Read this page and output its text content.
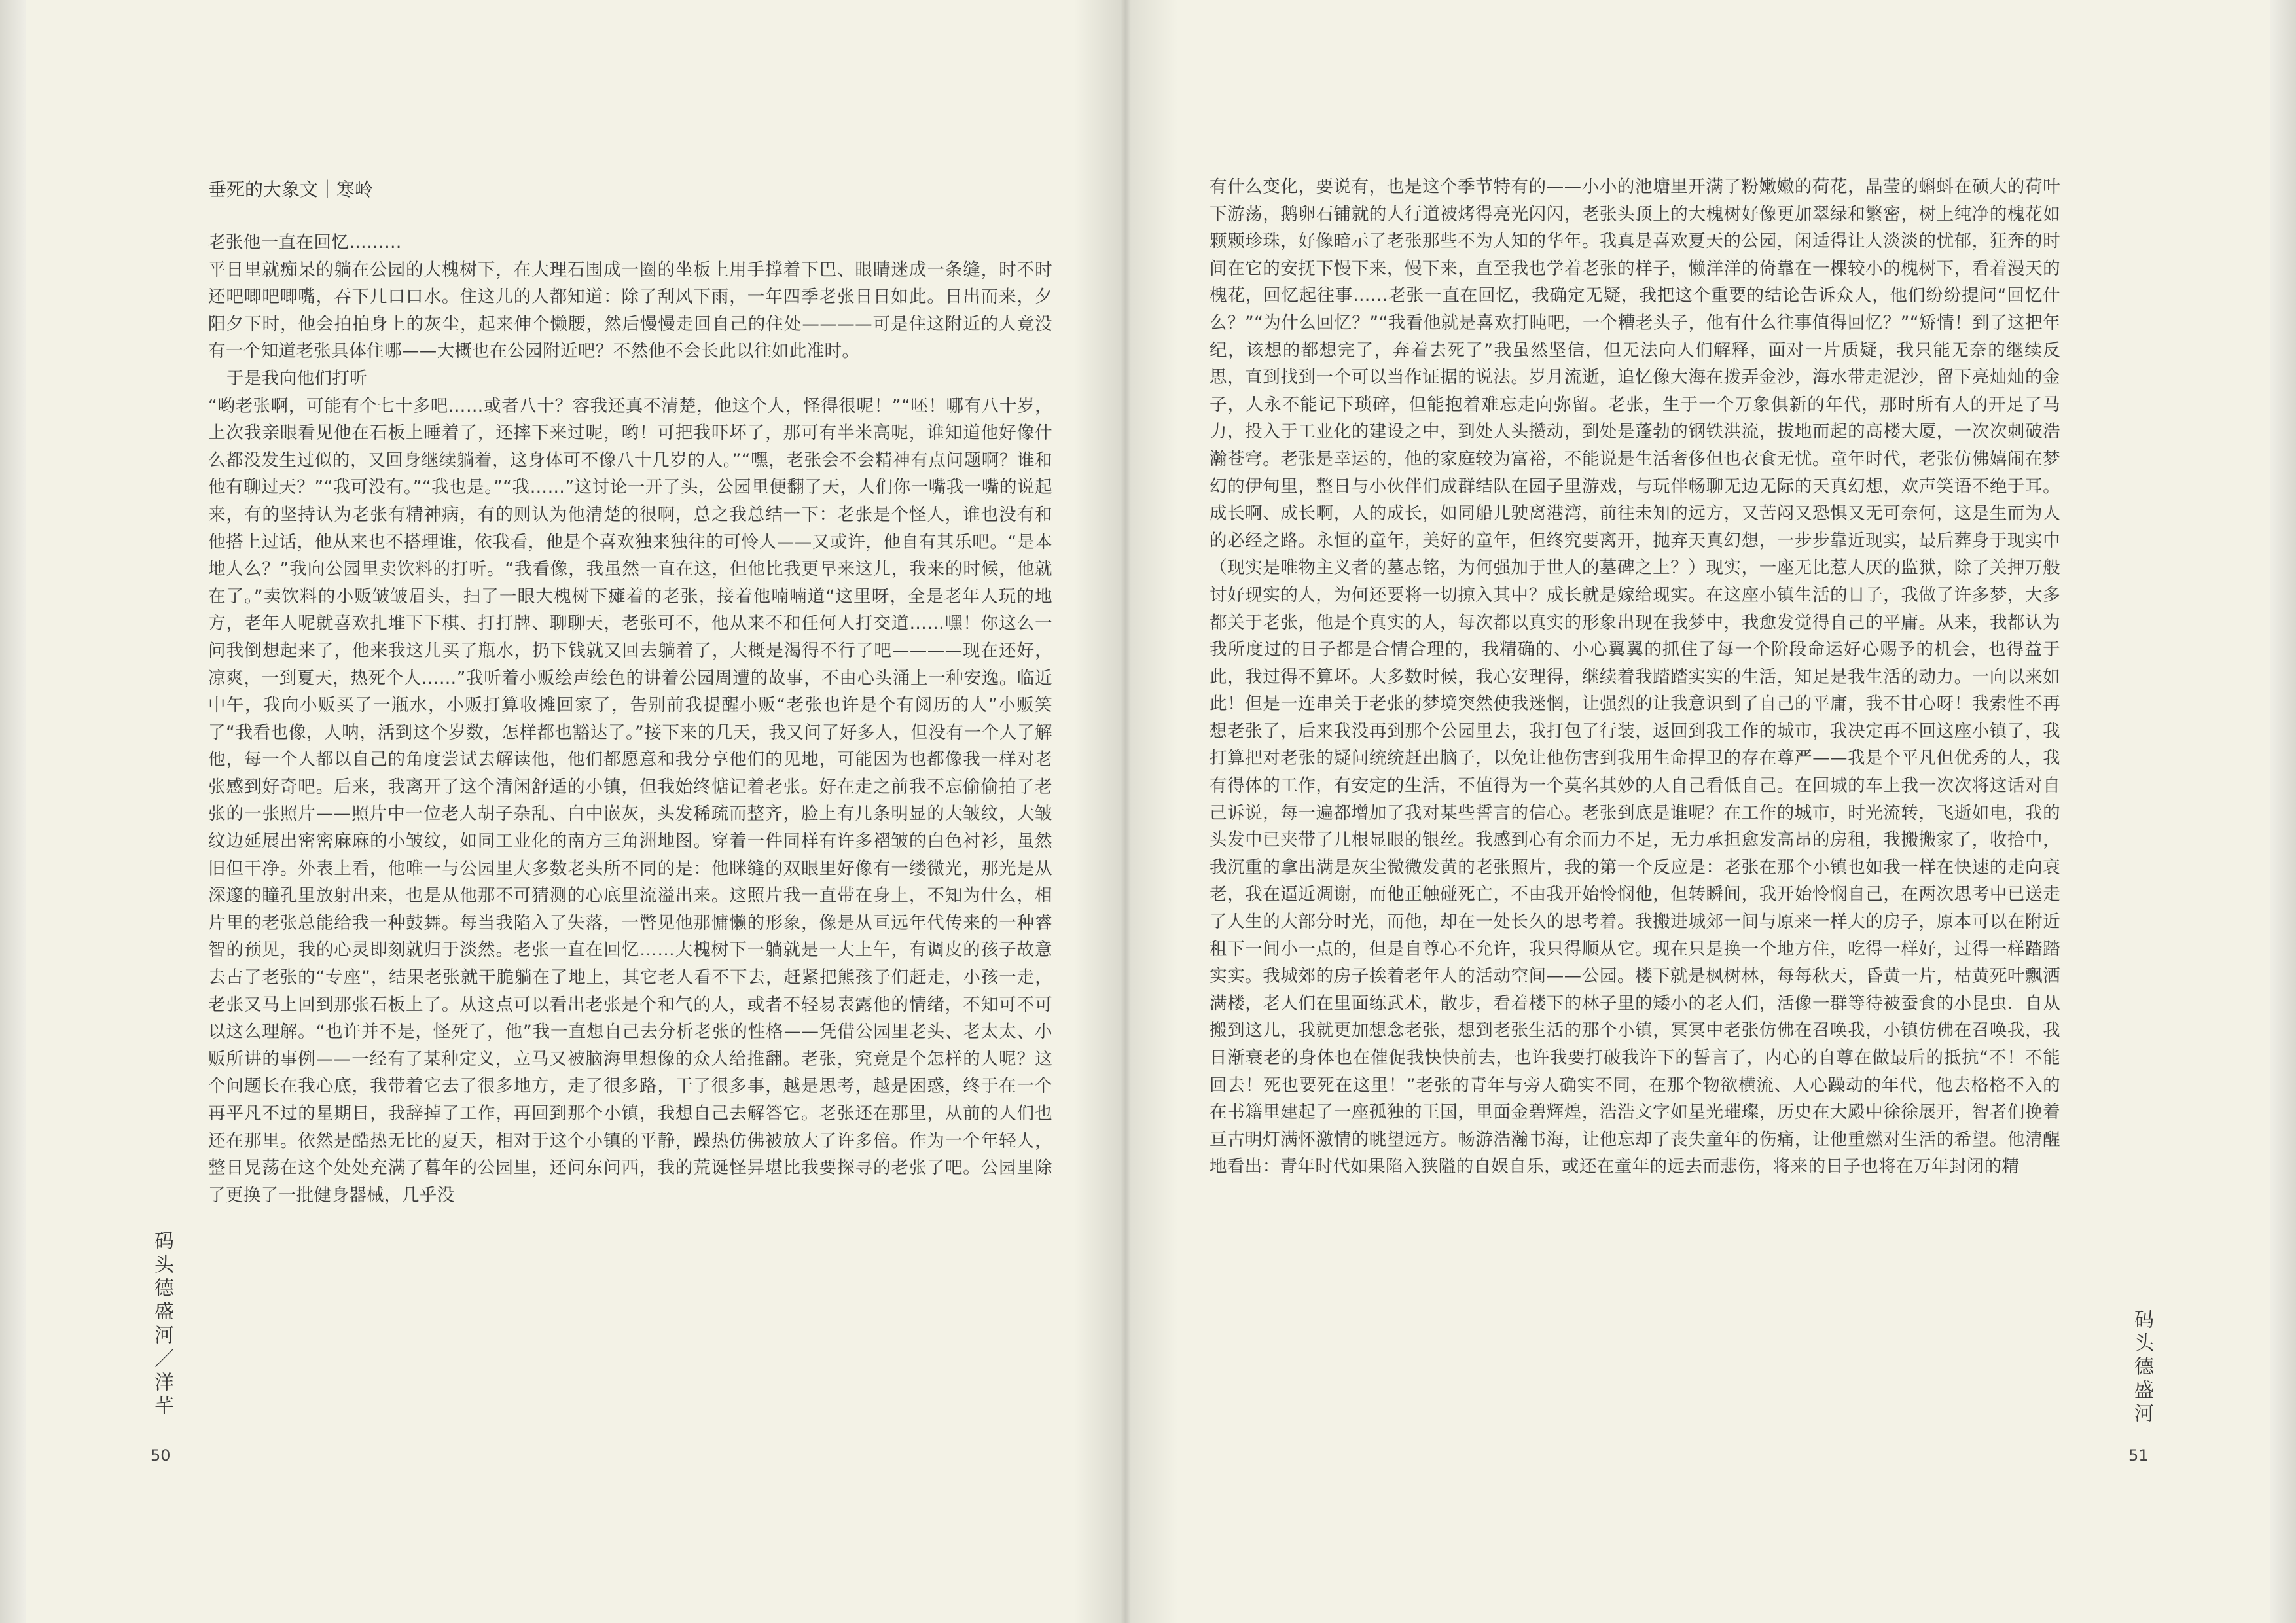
垂死的大象文｜寒岭

老张他一直在回忆………

平日里就痴呆的躺在公园的大槐树下，在大理石围成一圈的坐板上用手撑着下巴、眼睛迷成一条缝，时不时还吧唧吧唧嘴，吞下几口口水。住这儿的人都知道：除了刮风下雨，一年四季老张日日如此。日出而来，夕阳夕下时，他会拍拍身上的灰尘，起来伸个懒腰，然后慢慢走回自己的住处————可是住这附近的人竟没有一个知道老张具体住哪——大概也在公园附近吧？不然他不会长此以往如此准时。

于是我向他们打听

“哟老张啊，可能有个七十多吧……或者八十？容我还真不清楚，他这个人，怪得很呢！”“呸！哪有八十岁，上次我亲眼看见他在石板上睡着了，还摔下来过呢，哟！可把我吓坏了，那可有半米高呢，谁知道他好像什么都没发生过似的，又回身继续躺着，这身体可不像八十几岁的人。”“嘿，老张会不会精神有点问题啊？谁和他有聊过天？”“我可没有。”“我也是。”“我……”这讨论一开了头，公园里便翻了天，人们你一嘴我一嘴的说起来，有的坚持认为老张有精神病，有的则认为他清楚的很啊，总之我总结一下：老张是个怪人，谁也没有和他搭上过话，他从来也不搭理谁，依我看，他是个喜欢独来独往的可怜人——又或许，他自有其乐吧。“是本地人么？”我向公园里卖饮料的打听。“我看像，我虽然一直在这，但他比我更早来这儿，我来的时候，他就在了。”卖饮料的小贩皱皱眉头，扫了一眼大槐树下瘫着的老张，接着他喃喃道“这里呀，全是老年人玩的地方，老年人呢就喜欢扎堆下下棋、打打牌、聊聊天，老张可不，他从来不和任何人打交道……嘿！你这么一问我倒想起来了，他来我这儿买了瓶水，扔下钱就又回去躺着了，大概是渴得不行了吧————现在还好，凉爽，一到夏天，热死个人……”我听着小贩绘声绘色的讲着公园周遭的故事，不由心头涌上一种安逸。临近中午，我向小贩买了一瓶水，小贩打算收摊回家了，告别前我提醒小贩“老张也许是个有阅历的人”小贩笑了“我看也像，人呐，活到这个岁数，怎样都也豁达了。”接下来的几天，我又问了好多人，但没有一个人了解他，每一个人都以自己的角度尝试去解读他，他们都愿意和我分享他们的见地，可能因为也都像我一样对老张感到好奇吧。后来，我离开了这个清闲舒适的小镇，但我始终惦记着老张。好在走之前我不忘偷偷拍了老张的一张照片——照片中一位老人胡子杂乱、白中嵌灰，头发稀疏而整齐，脸上有几条明显的大皱纹，大皱纹边延展出密密麻麻的小皱纹，如同工业化的南方三角洲地图。穿着一件同样有许多褶皱的白色衬衫，虽然旧但干净。外表上看，他唯一与公园里大多数老头所不同的是：他眯缝的双眼里好像有一缕微光，那光是从深邃的瞳孔里放射出来，也是从他那不可猜测的心底里流溢出来。这照片我一直带在身上，不知为什么，相片里的老张总能给我一种鼓舞。每当我陷入了失落，一瞥见他那慵懒的形象，像是从亘远年代传来的一种睿智的预见，我的心灵即刻就归于淡然。老张一直在回忆……大槐树下一躺就是一大上午，有调皮的孩子故意去占了老张的“专座”，结果老张就干脆躺在了地上，其它老人看不下去，赶紧把熊孩子们赶走，小孩一走，老张又马上回到那张石板上了。从这点可以看出老张是个和气的人，或者不轻易表露他的情绪，不知可不可以这么理解。“也许并不是，怪死了，他”我一直想自己去分析老张的性格——凭借公园里老头、老太太、小贩所讲的事例——一经有了某种定义，立马又被脑海里想像的众人给推翻。老张，究竟是个怎样的人呢？这个问题长在我心底，我带着它去了很多地方，走了很多路，干了很多事，越是思考，越是困惑，终于在一个再平凡不过的星期日，我辞掉了工作，再回到那个小镇，我想自己去解答它。老张还在那里，从前的人们也还在那里。依然是酷热无比的夏天，相对于这个小镇的平静，躁热仿佛被放大了许多倍。作为一个年轻人，整日晃荡在这个处处充满了暮年的公园里，还问东问西，我的荒诞怪异堪比我要探寻的老张了吧。公园里除了更换了一批健身器械，几乎没

码头德盛河／洋芊
50

有什么变化，要说有，也是这个季节特有的——小小的池塘里开满了粉嫩嫩的荷花，晶莹的蝌蚪在硕大的荷叶下游荡，鹅卵石铺就的人行道被烤得亮光闪闪，老张头顶上的大槐树好像更加翠绿和繁密，树上纯净的槐花如颗颗珍珠，好像暗示了老张那些不为人知的华年。我真是喜欢夏天的公园，闲适得让人淡淡的忧郁，狂奔的时间在它的安抚下慢下来，慢下来，直至我也学着老张的样子，懒洋洋的倚靠在一棵较小的槐树下，看着漫天的槐花，回忆起往事……老张一直在回忆，我确定无疑，我把这个重要的结论告诉众人，他们纷纷提问“回忆什么？”“为什么回忆？”“我看他就是喜欢打盹吧，一个糟老头子，他有什么往事值得回忆？”“矫情！到了这把年纪，该想的都想完了，奔着去死了”我虽然坚信，但无法向人们解释，面对一片质疑，我只能无奈的继续反思，直到找到一个可以当作证据的说法。岁月流逝，追忆像大海在拨弄金沙，海水带走泥沙，留下亮灿灿的金子，人永不能记下琐碎，但能抱着难忘走向弥留。老张，生于一个万象俱新的年代，那时所有人的开足了马力，投入于工业化的建设之中，到处人头攒动，到处是蓬勃的钢铁洪流，拔地而起的高楼大厦，一次次刺破浩瀚苍穹。老张是幸运的，他的家庭较为富裕，不能说是生活奢侈但也衣食无忧。童年时代，老张仿佛嬉闹在梦幻的伊甸里，整日与小伙伴们成群结队在园子里游戏，与玩伴畅聊无边无际的天真幻想，欢声笑语不绝于耳。成长啊、成长啊，人的成长，如同船儿驶离港湾，前往未知的远方，又苦闷又恐惧又无可奈何，这是生而为人的必经之路。永恒的童年，美好的童年，但终究要离开，抛弃天真幻想，一步步靠近现实，最后葬身于现实中（现实是唯物主义者的墓志铭，为何强加于世人的墓碑之上？）现实，一座无比惹人厌的监狱，除了关押万般讨好现实的人，为何还要将一切掠入其中？成长就是嫁给现实。在这座小镇生活的日子，我做了许多梦，大多都关于老张，他是个真实的人，每次都以真实的形象出现在我梦中，我愈发觉得自己的平庸。从来，我都认为我所度过的日子都是合情合理的，我精确的、小心翼翼的抓住了每一个阶段命运好心赐予的机会，也得益于此，我过得不算坏。大多数时候，我心安理得，继续着我踏踏实实的生活，知足是我生活的动力。一向以来如此！但是一连串关于老张的梦境突然使我迷惘，让强烈的让我意识到了自己的平庸，我不甘心呀！我索性不再想老张了，后来我没再到那个公园里去，我打包了行装，返回到我工作的城市，我决定再不回这座小镇了，我打算把对老张的疑问统统赶出脑子，以免让他伤害到我用生命捍卫的存在尊严——我是个平凡但优秀的人，我有得体的工作，有安定的生活，不值得为一个莫名其妙的人自己看低自己。在回城的车上我一次次将这话对自己诉说，每一遍都增加了我对某些誓言的信心。老张到底是谁呢？在工作的城市，时光流转，飞逝如电，我的头发中已夹带了几根显眼的银丝。我感到心有余而力不足，无力承担愈发高昂的房租，我搬搬家了，收拾中，我沉重的拿出满是灰尘微微发黄的老张照片，我的第一个反应是：老张在那个小镇也如我一样在快速的走向衰老，我在逼近凋谢，而他正触碰死亡，不由我开始怜悯他，但转瞬间，我开始怜悯自己，在两次思考中已送走了人生的大部分时光，而他，却在一处长久的思考着。我搬进城郊一间与原来一样大的房子，原本可以在附近租下一间小一点的，但是自尊心不允许，我只得顺从它。现在只是换一个地方住，吃得一样好，过得一样踏踏实实。我城郊的房子挨着老年人的活动空间——公园。楼下就是枫树林，每每秋天，昏黄一片，枯黄死叶飘洒满楼，老人们在里面练武术，散步，看着楼下的林子里的矮小的老人们，活像一群等待被蚕食的小昆虫．自从搬到这儿，我就更加想念老张，想到老张生活的那个小镇，冥冥中老张仿佛在召唤我，小镇仿佛在召唤我，我日渐衰老的身体也在催促我快快前去，也许我要打破我许下的誓言了，内心的自尊在做最后的抵抗“不！不能回去！死也要死在这里！”老张的青年与旁人确实不同，在那个物欲横流、人心躁动的年代，他去格格不入的在书籍里建起了一座孤独的王国，里面金碧辉煌，浩浩文字如星光璀璨，历史在大殿中徐徐展开，智者们挽着亘古明灯满怀激情的眺望远方。畅游浩瀚书海，让他忘却了丧失童年的伤痛，让他重燃对生活的希望。他清醒地看出：青年时代如果陷入狭隘的自娱自乐，或还在童年的远去而悲伤，将来的日子也将在万年封闭的精

码头德盛河
51
